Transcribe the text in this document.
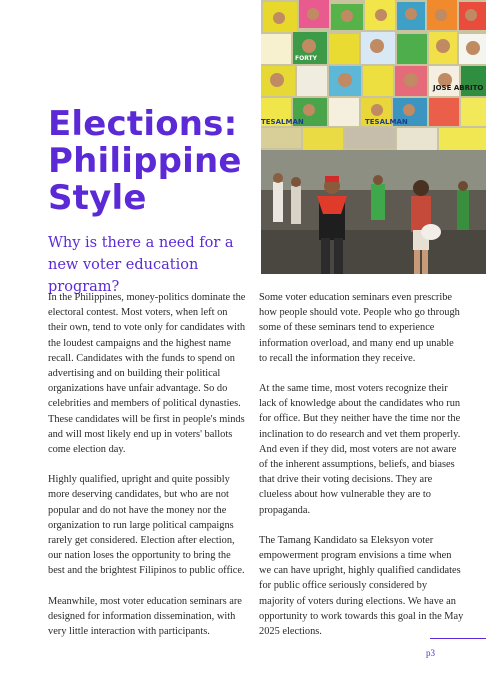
Elections:
Philippine
Style
Why is there a need for a new voter education program?
JOSE ABRITO
TESALMAN	TESALMAN
FORTY

In the Philippines, money-politics dominate the electoral contest. Most voters, when left on their own, tend to vote only for candidates with the loudest campaigns and the highest name recall. Candidates with the funds to spend on advertising and on building their political organizations have unfair advantage. So do celebrities and members of political dynasties. These candidates will be first in people's minds and will most likely end up in voters' ballots come election day.

Highly qualified, upright and quite possibly more deserving candidates, but who are not popular and do not have the money nor the organization to run large political campaigns rarely get considered. Election after election, our nation loses the opportunity to bring the best and the brightest Filipinos to public office.

Meanwhile, most voter education seminars are designed for information dissemination, with very little interaction with participants.

Some voter education seminars even prescribe how people should vote. People who go through some of these seminars tend to experience information overload, and many end up unable to recall the information they receive.

At the same time, most voters recognize their lack of knowledge about the candidates who run for office. But they neither have the time nor the inclination to do research and vet them properly. And even if they did, most voters are not aware of the inherent assumptions, beliefs, and biases that drive their voting decisions. They are clueless about how vulnerable they are to propaganda.

The Tamang Kandidato sa Eleksyon voter empowerment program envisions a time when we can have upright, highly qualified candidates for public office seriously considered by majority of voters during elections. We have an opportunity to work towards this goal in the May 2025 elections.

p3
